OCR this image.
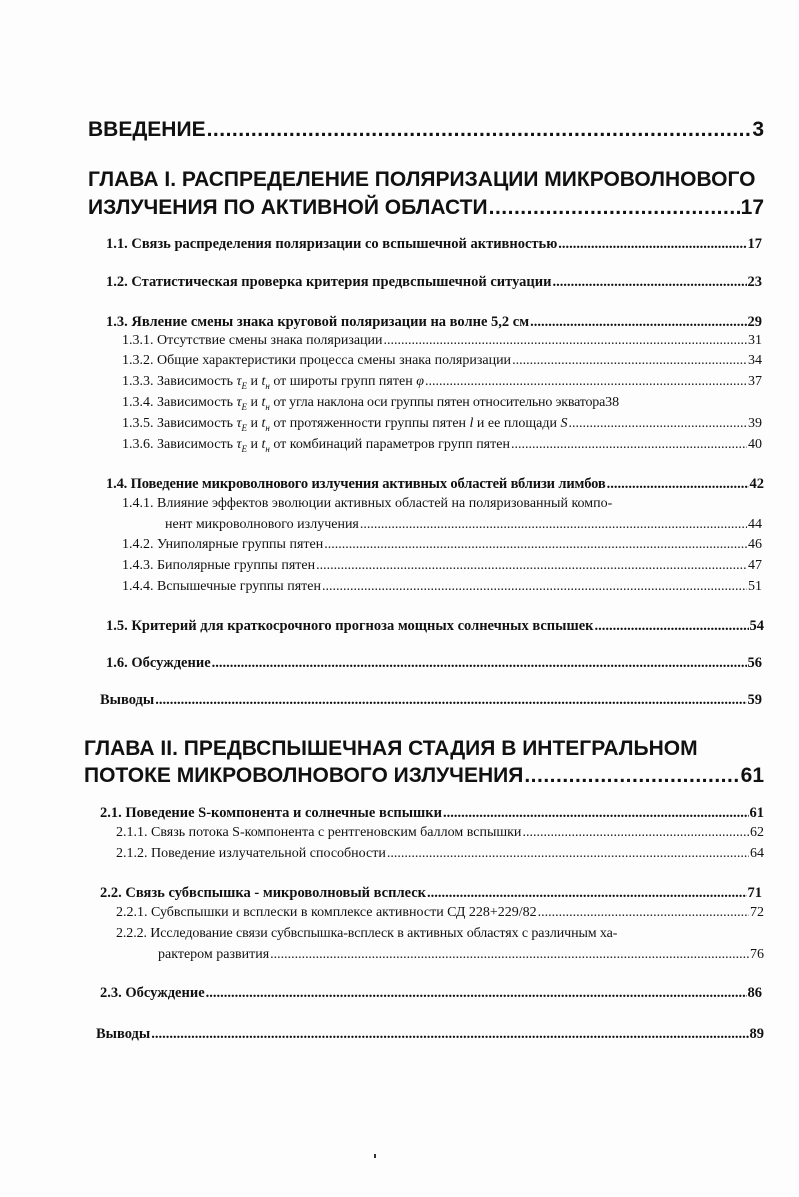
ВВЕДЕНИЕ .....	3
ГЛАВА I. РАСПРЕДЕЛЕНИЕ ПОЛЯРИЗАЦИИ МИКРОВОЛНОВОГО
ИЗЛУЧЕНИЯ ПО АКТИВНОЙ ОБЛАСТИ .....	17
1.1. Связь распределения поляризации со вспышечной активностью .....	17
1.2. Статистическая проверка критерия предвспышечной ситуации .....	23
1.3. Явление смены знака круговой поляризации на волне 5,2 см .....	29
1.3.1. Отсутствие смены знака поляризации .....	31
1.3.2. Общие характеристики процесса смены знака поляризации .....	34
1.3.3. Зависимость $\tau_E$ и $t_н$ от широты групп пятен φ .....	37
1.3.4. Зависимость $\tau_E$ и $t_н$ от угла наклона оси группы пятен относительно экватора 38
1.3.5. Зависимость $\tau_E$ и $t_н$ от протяженности группы пятен l и ее площади S .....	39
1.3.6. Зависимость $\tau_E$ и $t_н$ от комбинаций параметров групп пятен .....	40
1.4. Поведение микроволнового излучения активных областей вблизи лимбов .....	42
1.4.1. Влияние эффектов эволюции активных областей на поляризованный компо-
нент микроволнового излучения .....	44
1.4.2. Униполярные группы пятен .....	46
1.4.3. Биполярные группы пятен .....	47
1.4.4. Вспышечные группы пятен .....	51
1.5. Критерий для краткосрочного прогноза мощных солнечных вспышек .....	54
1.6. Обсуждение .....	56
Выводы .....	59
ГЛАВА II. ПРЕДВСПЫШЕЧНАЯ СТАДИЯ В ИНТЕГРАЛЬНОМ
ПОТОКЕ МИКРОВОЛНОВОГО ИЗЛУЧЕНИЯ .....	61
2.1. Поведение S-компонента и солнечные вспышки .....	61
2.1.1. Связь потока S-компонента с рентгеновским баллом вспышки .....	62
2.1.2. Поведение излучательной способности .....	64
2.2. Связь субвспышка - микроволновый всплеск .....	71
2.2.1. Субвспышки и всплески в комплексе активности СД 228+229/82 .....	72
2.2.2. Исследование связи субвспышка-всплеск в активных областях с различным ха-
рактером развития .....	76
2.3. Обсуждение .....	86
Выводы .....	89
